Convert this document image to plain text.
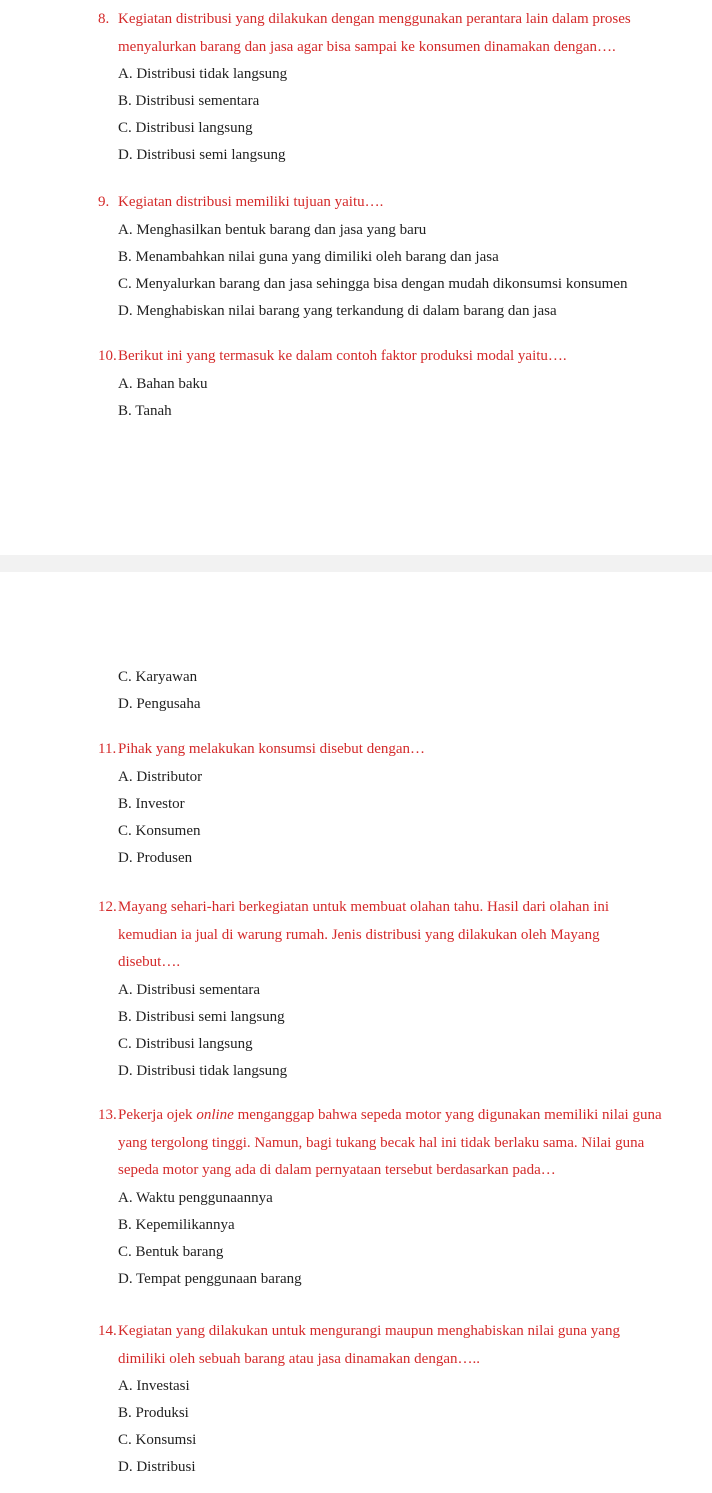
8. Kegiatan distribusi yang dilakukan dengan menggunakan perantara lain dalam proses menyalurkan barang dan jasa agar bisa sampai ke konsumen dinamakan dengan….
A. Distribusi tidak langsung
B. Distribusi sementara
C. Distribusi langsung
D. Distribusi semi langsung
9. Kegiatan distribusi memiliki tujuan yaitu….
A. Menghasilkan bentuk barang dan jasa yang baru
B. Menambahkan nilai guna yang dimiliki oleh barang dan jasa
C. Menyalurkan barang dan jasa sehingga bisa dengan mudah dikonsumsi konsumen
D. Menghabiskan nilai barang yang terkandung di dalam barang dan jasa
10. Berikut ini yang termasuk ke dalam contoh faktor produksi modal yaitu….
A. Bahan baku
B. Tanah
C. Karyawan
D. Pengusaha
11. Pihak yang melakukan konsumsi disebut dengan…
A. Distributor
B. Investor
C. Konsumen
D. Produsen
12. Mayang sehari-hari berkegiatan untuk membuat olahan tahu. Hasil dari olahan ini kemudian ia jual di warung rumah. Jenis distribusi yang dilakukan oleh Mayang disebut….
A. Distribusi sementara
B. Distribusi semi langsung
C. Distribusi langsung
D. Distribusi tidak langsung
13. Pekerja ojek online menganggap bahwa sepeda motor yang digunakan memiliki nilai guna yang tergolong tinggi. Namun, bagi tukang becak hal ini tidak berlaku sama. Nilai guna sepeda motor yang ada di dalam pernyataan tersebut berdasarkan pada…
A. Waktu penggunaannya
B. Kepemilikannya
C. Bentuk barang
D. Tempat penggunaan barang
14. Kegiatan yang dilakukan untuk mengurangi maupun menghabiskan nilai guna yang dimiliki oleh sebuah barang atau jasa dinamakan dengan…..
A. Investasi
B. Produksi
C. Konsumsi
D. Distribusi
